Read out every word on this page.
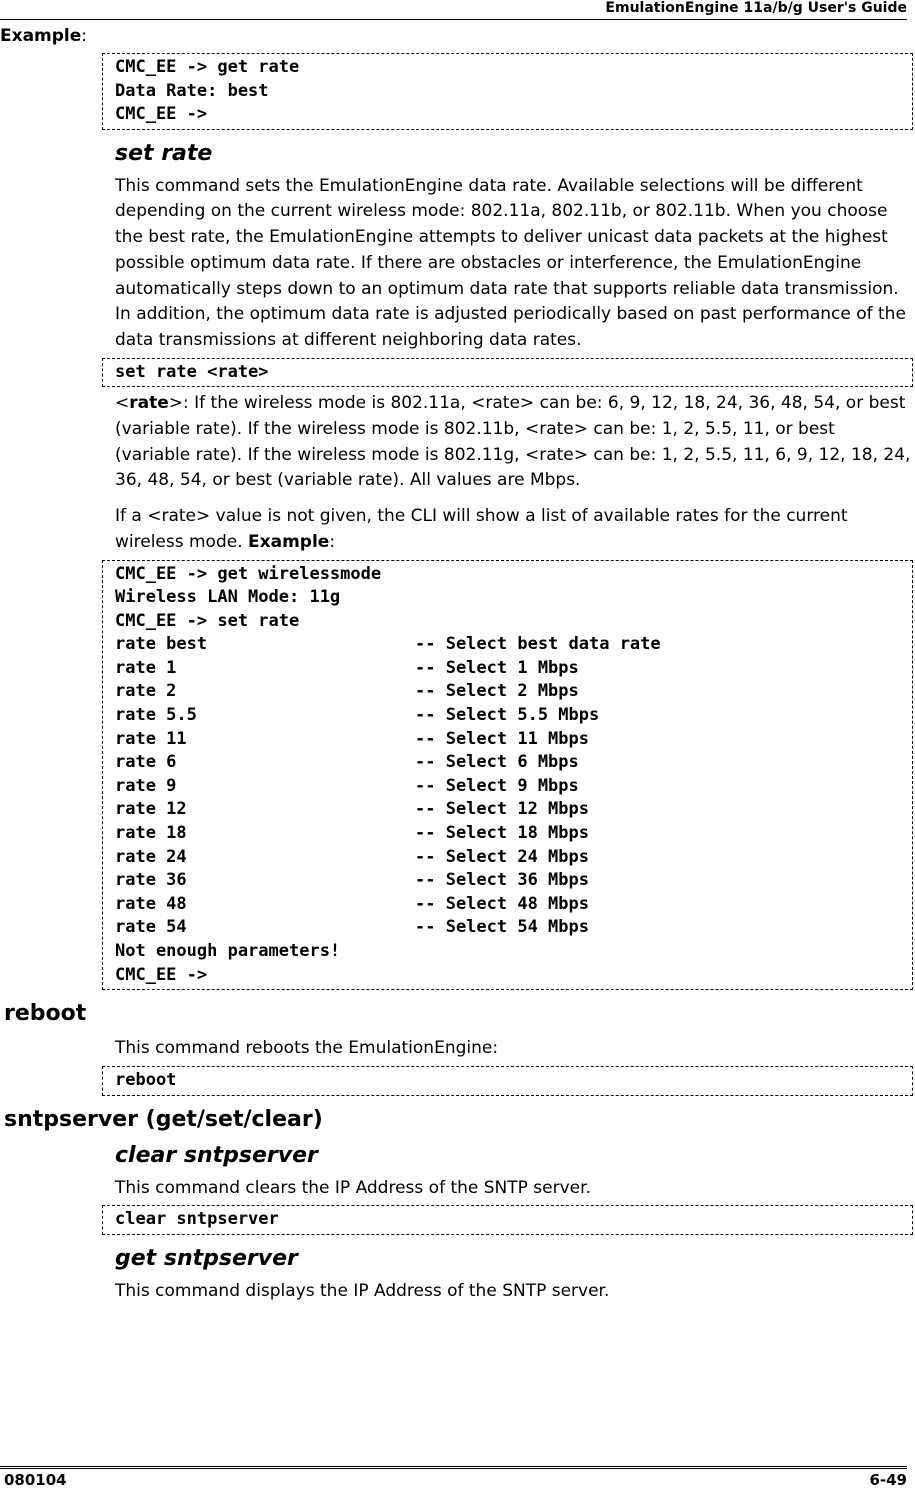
EmulationEngine 11a/b/g User's Guide
Example:
CMC_EE -> get rate
Data Rate: best
CMC_EE ->
set rate

This command sets the EmulationEngine data rate. Available selections will be different depending on the current wireless mode: 802.11a, 802.11b, or 802.11b. When you choose the best rate, the EmulationEngine attempts to deliver unicast data packets at the highest possible optimum data rate. If there are obstacles or interference, the EmulationEngine automatically steps down to an optimum data rate that supports reliable data transmission. In addition, the optimum data rate is adjusted periodically based on past performance of the data transmissions at different neighboring data rates.

set rate <rate>

<rate>: If the wireless mode is 802.11a, <rate> can be: 6, 9, 12, 18, 24, 36, 48, 54, or best (variable rate). If the wireless mode is 802.11b, <rate> can be: 1, 2, 5.5, 11, or best (variable rate). If the wireless mode is 802.11g, <rate> can be: 1, 2, 5.5, 11, 6, 9, 12, 18, 24, 36, 48, 54, or best (variable rate). All values are Mbps.

If a <rate> value is not given, the CLI will show a list of available rates for the current wireless mode. Example:

CMC_EE -> get wirelessmode
Wireless LAN Mode: 11g
CMC_EE -> set rate
rate best	-- Select best data rate
rate 1	-- Select 1 Mbps
rate 2	-- Select 2 Mbps
rate 5.5	-- Select 5.5 Mbps
rate 11	-- Select 11 Mbps
rate 6	-- Select 6 Mbps
rate 9	-- Select 9 Mbps
rate 12	-- Select 12 Mbps
rate 18	-- Select 18 Mbps
rate 24	-- Select 24 Mbps
rate 36	-- Select 36 Mbps
rate 48	-- Select 48 Mbps
rate 54	-- Select 54 Mbps
Not enough parameters!
CMC_EE ->
reboot

This command reboots the EmulationEngine:

reboot
sntpserver (get/set/clear)
clear sntpserver

This command clears the IP Address of the SNTP server.

clear sntpserver
get sntpserver

This command displays the IP Address of the SNTP server.

080104	6-49
